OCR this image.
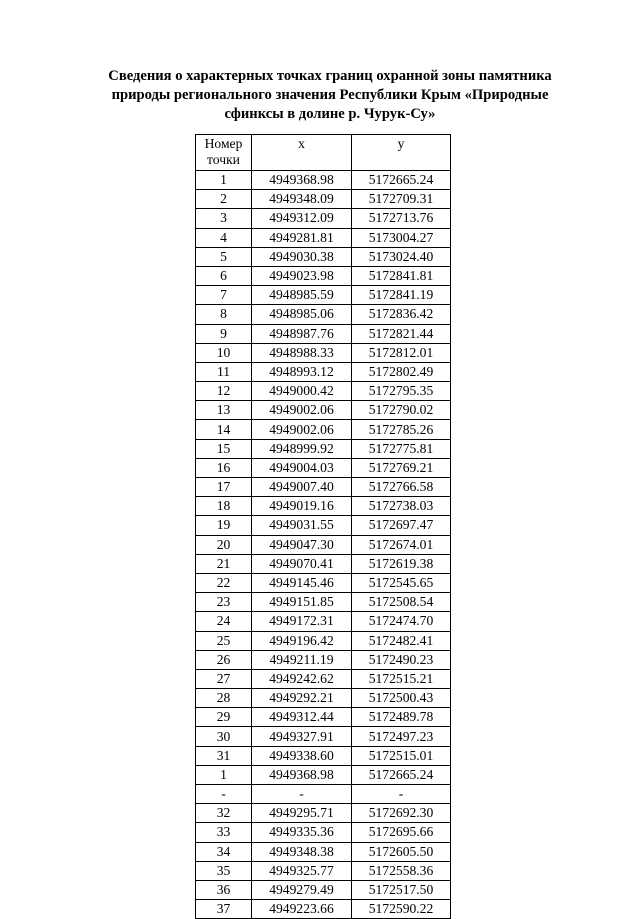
Сведения о характерных точках границ охранной зоны памятника
природы регионального значения Республики Крым «Природные
сфинксы в долине р. Чурук-Су»
Номер
точки	x	y
1	4949368.98	5172665.24
2	4949348.09	5172709.31
3	4949312.09	5172713.76
4	4949281.81	5173004.27
5	4949030.38	5173024.40
6	4949023.98	5172841.81
7	4948985.59	5172841.19
8	4948985.06	5172836.42
9	4948987.76	5172821.44
10	4948988.33	5172812.01
11	4948993.12	5172802.49
12	4949000.42	5172795.35
13	4949002.06	5172790.02
14	4949002.06	5172785.26
15	4948999.92	5172775.81
16	4949004.03	5172769.21
17	4949007.40	5172766.58
18	4949019.16	5172738.03
19	4949031.55	5172697.47
20	4949047.30	5172674.01
21	4949070.41	5172619.38
22	4949145.46	5172545.65
23	4949151.85	5172508.54
24	4949172.31	5172474.70
25	4949196.42	5172482.41
26	4949211.19	5172490.23
27	4949242.62	5172515.21
28	4949292.21	5172500.43
29	4949312.44	5172489.78
30	4949327.91	5172497.23
31	4949338.60	5172515.01
1	4949368.98	5172665.24
-	-	-
32	4949295.71	5172692.30
33	4949335.36	5172695.66
34	4949348.38	5172605.50
35	4949325.77	5172558.36
36	4949279.49	5172517.50
37	4949223.66	5172590.22
